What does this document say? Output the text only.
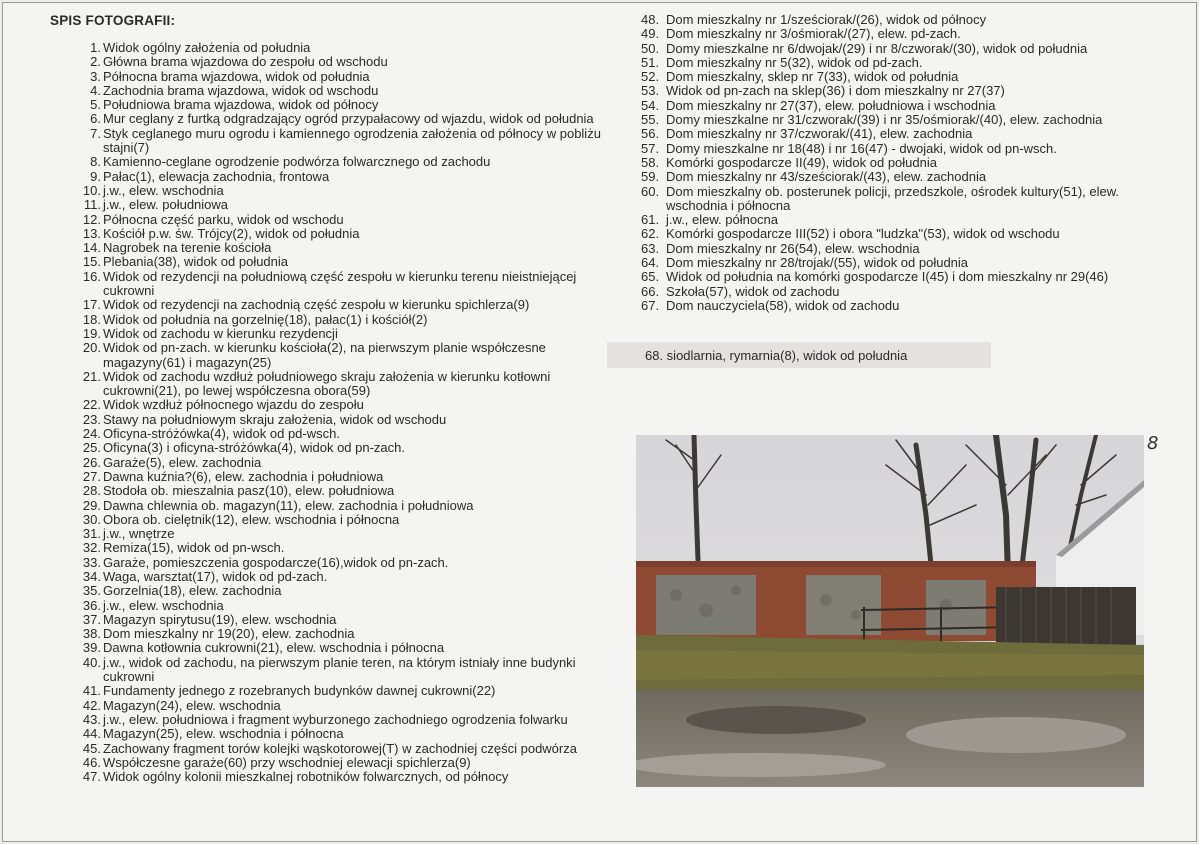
SPIS FOTOGRAFII:
1. Widok ogólny założenia od południa
2. Główna brama wjazdowa do zespołu od wschodu
3. Północna brama wjazdowa, widok od południa
4. Zachodnia brama wjazdowa, widok od wschodu
5. Południowa brama wjazdowa, widok od północy
6. Mur ceglany z furtką odgradzający ogród przypałacowy od wjazdu, widok od południa
7. Styk ceglanego muru ogrodu i kamiennego ogrodzenia założenia od północy w pobliżu stajni(7)
8. Kamienno-ceglane ogrodzenie podwórza folwarcznego od zachodu
9. Pałac(1), elewacja zachodnia, frontowa
10. j.w., elew. wschodnia
11. j.w., elew. południowa
12. Północna część parku, widok od wschodu
13. Kościół p.w. św. Trójcy(2), widok od południa
14. Nagrobek na terenie kościoła
15. Plebania(38), widok od południa
16. Widok od rezydencji na południową część zespołu w kierunku terenu nieistniejącej cukrowni
17. Widok od rezydencji na zachodnią część zespołu w kierunku spichlerza(9)
18. Widok od południa na gorzelnię(18), pałac(1) i kościół(2)
19. Widok od zachodu w kierunku rezydencji
20. Widok od pn-zach. w kierunku kościoła(2), na pierwszym planie współczesne magazyny(61) i magazyn(25)
21. Widok od zachodu wzdłuż południowego skraju założenia w kierunku kotłowni cukrowni(21), po lewej współczesna obora(59)
22. Widok wzdłuż północnego wjazdu do zespołu
23. Stawy na południowym skraju założenia, widok od wschodu
24. Oficyna-stróżówka(4), widok od pd-wsch.
25. Oficyna(3) i oficyna-stróżówka(4), widok od pn-zach.
26. Garaże(5), elew. zachodnia
27. Dawna kuźnia?(6), elew. zachodnia i południowa
28. Stodoła ob. mieszalnia pasz(10), elew. południowa
29. Dawna chlewnia ob. magazyn(11), elew. zachodnia i południowa
30. Obora ob. cielętnik(12), elew. wschodnia i północna
31. j.w., wnętrze
32. Remiza(15), widok od pn-wsch.
33. Garaże, pomieszczenia gospodarcze(16),widok od pn-zach.
34. Waga, warsztat(17), widok od pd-zach.
35. Gorzelnia(18), elew. zachodnia
36. j.w., elew. wschodnia
37. Magazyn spirytusu(19), elew. wschodnia
38. Dom mieszkalny nr 19(20), elew. zachodnia
39. Dawna kotłownia cukrowni(21), elew. wschodnia i północna
40. j.w., widok od zachodu, na pierwszym planie teren, na którym istniały inne budynki cukrowni
41. Fundamenty jednego z rozebranych budynków dawnej cukrowni(22)
42. Magazyn(24), elew. wschodnia
43. j.w., elew. południowa i fragment wyburzonego zachodniego ogrodzenia folwarku
44. Magazyn(25), elew. wschodnia i północna
45. Zachowany fragment torów kolejki wąskotorowej(T) w zachodniej części podwórza
46. Współczesne garaże(60) przy wschodniej elewacji spichlerza(9)
47. Widok ogólny kolonii mieszkalnej robotników folwarcznych, od północy
48. Dom mieszkalny nr 1/sześciorak/(26), widok od północy
49. Dom mieszkalny nr 3/ośmiorak/(27), elew. pd-zach.
50. Domy mieszkalne nr 6/dwojak/(29) i nr 8/czworak/(30), widok od południa
51. Dom mieszkalny nr 5(32), widok od pd-zach.
52. Dom mieszkalny, sklep nr 7(33), widok od południa
53. Widok od pn-zach na sklep(36) i dom mieszkalny nr 27(37)
54. Dom mieszkalny nr 27(37), elew. południowa i wschodnia
55. Domy mieszkalne nr 31/czworak/(39) i nr 35/ośmiorak/(40), elew. zachodnia
56. Dom mieszkalny nr 37/czworak/(41), elew. zachodnia
57. Domy mieszkalne nr 18(48) i nr 16(47) - dwojaki, widok od pn-wsch.
58. Komórki gospodarcze II(49), widok od południa
59. Dom mieszkalny nr 43/sześciorak/(43), elew. zachodnia
60. Dom mieszkalny ob. posterunek policji, przedszkole, ośrodek kultury(51), elew. wschodnia i północna
61. j.w., elew. północna
62. Komórki gospodarcze III(52) i obora "ludzka"(53), widok od wschodu
63. Dom mieszkalny nr 26(54), elew. wschodnia
64. Dom mieszkalny nr 28/trojak/(55), widok od południa
65. Widok od południa na komórki gospodarcze I(45) i dom mieszkalny nr 29(46)
66. Szkoła(57), widok od zachodu
67. Dom nauczyciela(58), widok od zachodu
68. siodlarnia, rymarnia(8), widok od południa
8
